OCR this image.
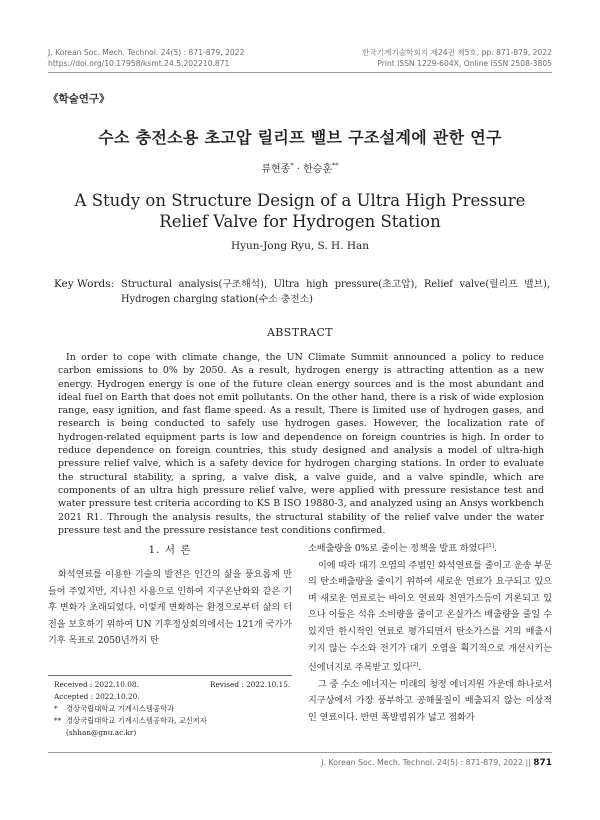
J. Korean Soc. Mech. Technol. 24(5) : 871-879, 2022
https://doi.org/10.17958/ksmt.24.5.202210.871
한국기계기술학회지 제24권 제5호, pp. 871-879, 2022
Print ISSN 1229-604X, Online ISSN 2508-3805
《학술연구》
수소 충전소용 초고압 릴리프 밸브 구조설계에 관한 연구
류현종* · 한승훈**
A Study on Structure Design of a Ultra High Pressure
Relief Valve for Hydrogen Station
Hyun-Jong Ryu, S. H. Han
Key Words : Structural analysis(구조해석), Ultra high pressure(초고압), Relief valve(릴리프 밸브), Hydrogen charging station(수소 충전소)
ABSTRACT

In order to cope with climate change, the UN Climate Summit announced a policy to reduce carbon emissions to 0% by 2050. As a result, hydrogen energy is attracting attention as a new energy. Hydrogen energy is one of the future clean energy sources and is the most abundant and ideal fuel on Earth that does not emit pollutants. On the other hand, there is a risk of wide explosion range, easy ignition, and fast flame speed. As a result, There is limited use of hydrogen gases, and research is being conducted to safely use hydrogen gases. However, the localization rate of hydrogen-related equipment parts is low and dependence on foreign countries is high. In order to reduce dependence on foreign countries, this study designed and analysis a model of ultra-high pressure relief valve, which is a safety device for hydrogen charging stations. In order to evaluate the structural stability, a spring, a valve disk, a valve guide, and a valve spindle, which are components of an ultra high pressure relief valve, were applied with pressure resistance test and water pressure test criteria according to KS B ISO 19880-3, and analyzed using an Ansys workbench 2021 R1. Through the analysis results, the structural stability of the relief valve under the water pressure test and the pressure resistance test conditions confirmed.

1. 서 론

화석연료를 이용한 기술의 발전은 인간의 삶을 풍요롭게 만들어 주었지만, 지나친 사용으로 인하여 지구온난화와 같은 기후 변화가 초래되었다. 이렇게 변화하는 환경으로부터 삶의 터전을 보호하기 위하여 UN 기후정상회의에서는 121개 국가가 기후 목표로 2050년까지 탄

Received : 2022.10.08.	Revised : 2022.10.15.
Accepted : 2022.10.20.
* 경상국립대학교 기계시스템공학과
** 경상국립대학교 기계시스템공학과, 교신저자
(shhan@gnu.ac.kr)

소배출량을 0%로 줄이는 정책을 발표 하였다[1].

이에 따라 대기 오염의 주범인 화석연료를 줄이고 운송 부문의 탄소배출량을 줄이기 위하여 새로운 연료가 요구되고 있으며 새로운 연료로는 바이오 연료와 천연가스등이 거론되고 있으나 이들은 석유 소비량을 줄이고 온실가스 배출량을 줄일 수 있지만 한시적인 연료로 평가되면서 탄소가스를 거의 배출시키지 않는 수소와 전기가 대기 오염을 획기적으로 개선시키는 신에너지로 주목받고 있다[2].

그 중 수소 에너지는 미래의 청정 에너지원 가운데 하나로서 지구상에서 가장 풍부하고 공해물질이 배출되지 않는 이상적인 연료이다. 반면 폭발범위가 넓고 점화가

J. Korean Soc. Mech. Technol. 24(5) : 871-879, 2022 || 871
